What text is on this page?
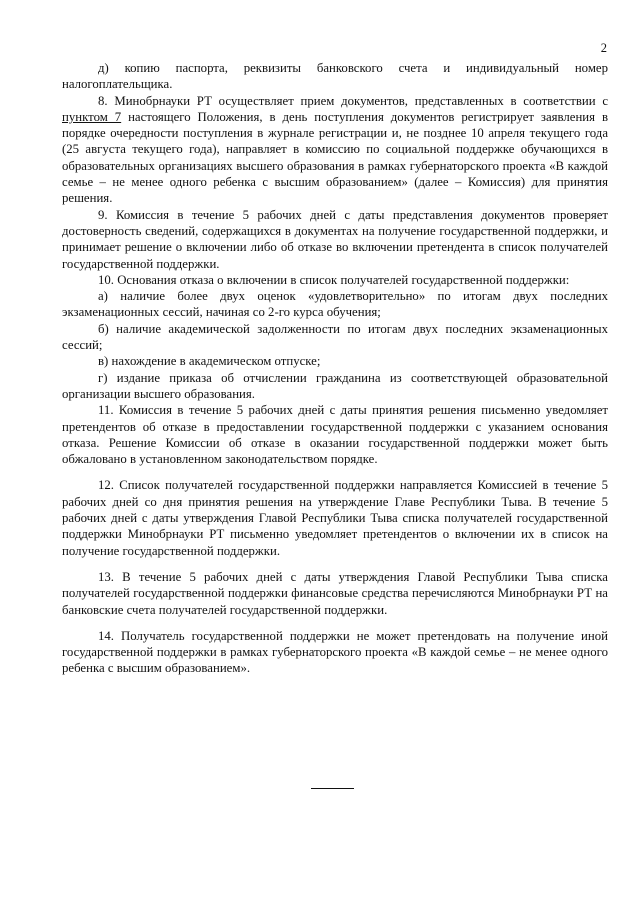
2

д) копию паспорта, реквизиты банковского счета и индивидуальный номер налогоплательщика.

8. Минобрнауки РТ осуществляет прием документов, представленных в соответствии с пунктом 7 настоящего Положения, в день поступления документов регистрирует заявления в порядке очередности поступления в журнале регистрации и, не позднее 10 апреля текущего года (25 августа текущего года), направляет в комиссию по социальной поддержке обучающихся в образовательных организациях высшего образования в рамках губернаторского проекта «В каждой семье – не менее одного ребенка с высшим образованием» (далее – Комиссия) для принятия решения.

9. Комиссия в течение 5 рабочих дней с даты представления документов проверяет достоверность сведений, содержащихся в документах на получение государственной поддержки, и принимает решение о включении либо об отказе во включении претендента в список получателей государственной поддержки.

10. Основания отказа о включении в список получателей государственной поддержки:

а) наличие более двух оценок «удовлетворительно» по итогам двух последних экзаменационных сессий, начиная со 2-го курса обучения;

б) наличие академической задолженности по итогам двух последних экзаменационных сессий;

в) нахождение в академическом отпуске;

г) издание приказа об отчислении гражданина из соответствующей образовательной организации высшего образования.

11. Комиссия в течение 5 рабочих дней с даты принятия решения письменно уведомляет претендентов об отказе в предоставлении государственной поддержки с указанием основания отказа. Решение Комиссии об отказе в оказании государственной поддержки может быть обжаловано в установленном законодательством порядке.

12. Список получателей государственной поддержки направляется Комиссией в течение 5 рабочих дней со дня принятия решения на утверждение Главе Республики Тыва. В течение 5 рабочих дней с даты утверждения Главой Республики Тыва списка получателей государственной поддержки Минобрнауки РТ письменно уведомляет претендентов о включении их в список на получение государственной поддержки.

13. В течение 5 рабочих дней с даты утверждения Главой Республики Тыва списка получателей государственной поддержки финансовые средства перечисляются Минобрнауки РТ на банковские счета получателей государственной поддержки.

14. Получатель государственной поддержки не может претендовать на получение иной государственной поддержки в рамках губернаторского проекта «В каждой семье – не менее одного ребенка с высшим образованием».
